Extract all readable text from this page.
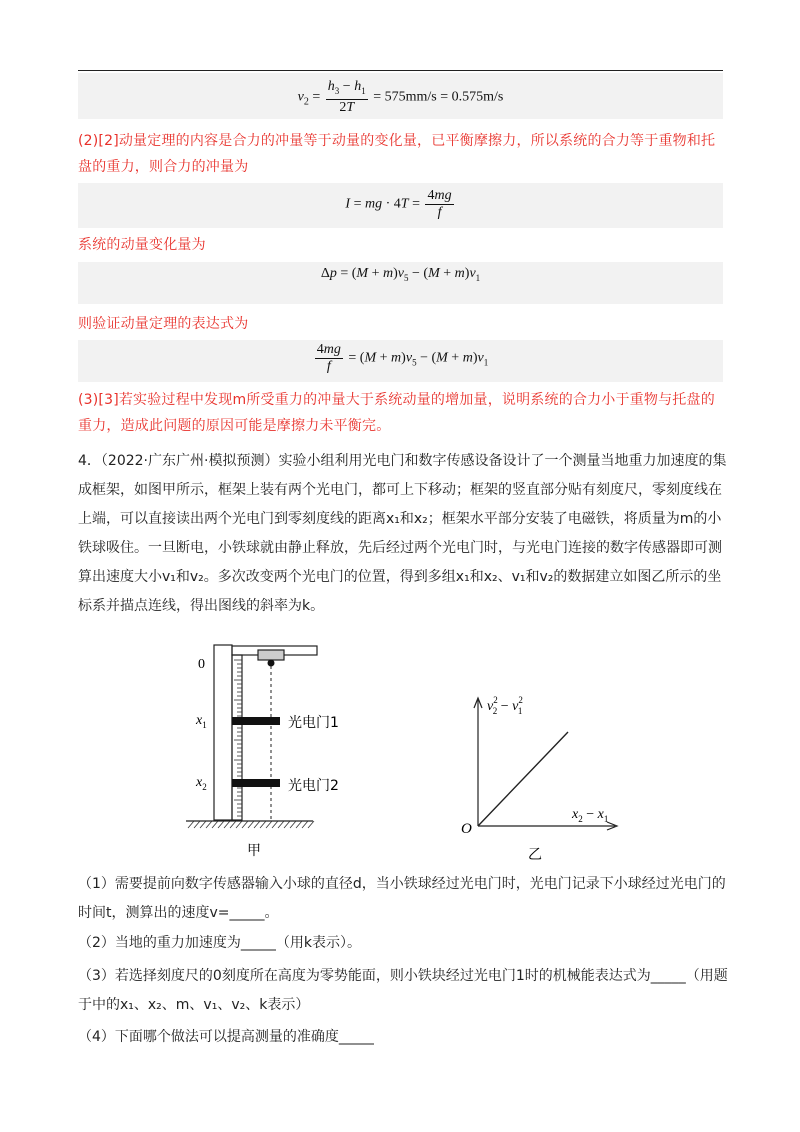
$v_2 = \frac{h_3 - h_1}{2T} = 575mm/s = 0.575m/s$
(2)[2]动量定理的内容是合力的冲量等于动量的变化量，已平衡摩擦力，所以系统的合力等于重物和托盘的重力，则合力的冲量为
I = mg · $4T = \frac{4mg}{f}$
系统的动量变化量为
$\Delta p = (M + m)v_5 - (M + m)v_1$
则验证动量定理的表达式为
$\frac{4mg}{f} = (M + m)v_5 - (M + m)v_1$
(3)[3]若实验过程中发现m所受重力的冲量大于系统动量的增加量，说明系统的合力小于重物与托盘的重力，造成此问题的原因可能是摩擦力未平衡完。
4．（2022·广东广州·模拟预测）实验小组利用光电门和数字传感设备设计了一个测量当地重力加速度的集成框架，如图甲所示，框架上装有两个光电门，都可上下移动；框架的竖直部分贴有刻度尺，零刻度线在上端，可以直接读出两个光电门到零刻度线的距离x₁和x₂；框架水平部分安装了电磁铁，将质量为m的小铁球吸住。一旦断电，小铁球就由静止释放，先后经过两个光电门时，与光电门连接的数字传感器即可测算出速度大小v₁和v₂。多次改变两个光电门的位置，得到多组x₁和x₂、v₁和v₂的数据建立如图乙所示的坐标系并描点连线，得出图线的斜率为k。
0
$x_1$
$x_2$
光电门1
光电门2
甲
$v^2$ $2 - v^2$ 1
$x_2 - x_1$
O
乙
（1）需要提前向数字传感器输入小球的直径d，当小铁球经过光电门时，光电门记录下小球经过光电门的时间t，测算出的速度v=_____。
（2）当地的重力加速度为_____（用k表示）。
（3）若选择刻度尺的0刻度所在高度为零势能面，则小铁块经过光电门1时的机械能表达式为_____（用题于中的x₁、x₂、m、v₁、v₂、k表示）
（4）下面哪个做法可以提高测量的准确度_____
